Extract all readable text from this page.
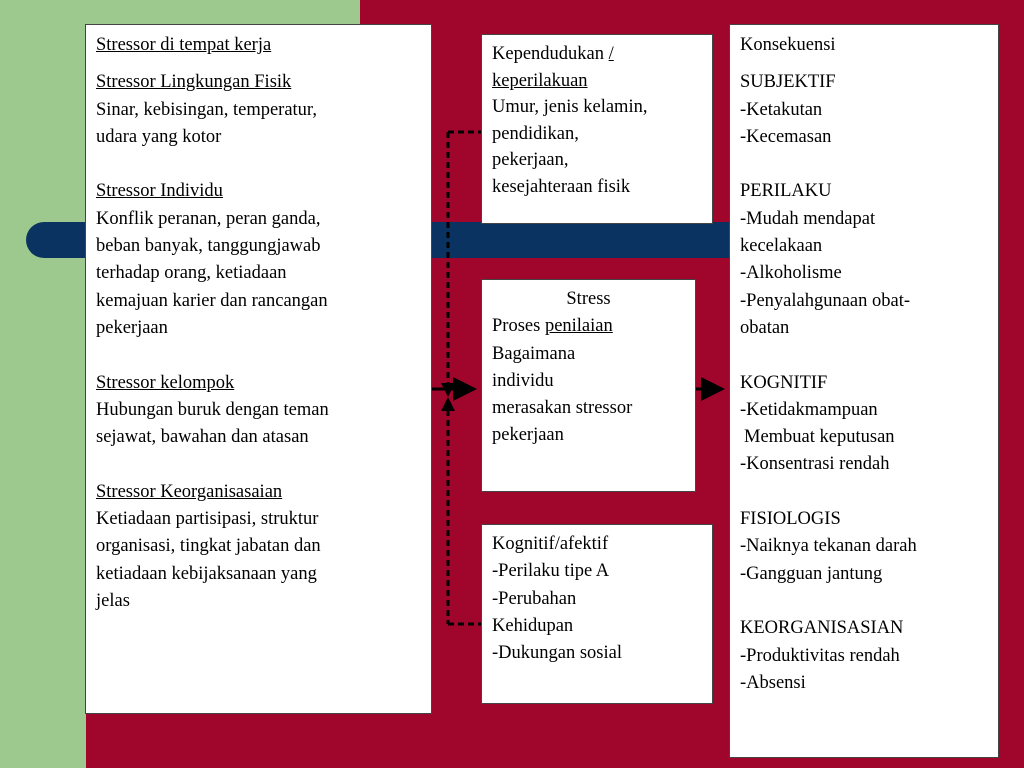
Stressor di tempat kerja

Stressor Lingkungan Fisik

Sinar, kebisingan, temperatur,

udara yang kotor

Stressor Individu

Konflik peranan, peran ganda,

beban banyak, tanggungjawab

terhadap orang, ketiadaan

kemajuan karier dan rancangan

pekerjaan

Stressor kelompok

Hubungan buruk dengan teman

sejawat, bawahan dan atasan

Stressor Keorganisasaian

Ketiadaan partisipasi, struktur

organisasi, tingkat jabatan dan

ketiadaan kebijaksanaan yang

jelas

Kependudukan /

keperilakuan

Umur, jenis kelamin,

pendidikan,

pekerjaan,

kesejahteraan fisik

Stress

Proses penilaian

Bagaimana

individu

merasakan stressor

pekerjaan

Kognitif/afektif

-Perilaku tipe A

-Perubahan

Kehidupan

-Dukungan sosial

Konsekuensi

SUBJEKTIF

-Ketakutan

-Kecemasan

PERILAKU

-Mudah mendapat

kecelakaan

-Alkoholisme

-Penyalahgunaan obat-

obatan

KOGNITIF

-Ketidakmampuan

Membuat keputusan

-Konsentrasi rendah

FISIOLOGIS

-Naiknya tekanan darah

-Gangguan jantung

KEORGANISASIAN

-Produktivitas rendah

-Absensi
